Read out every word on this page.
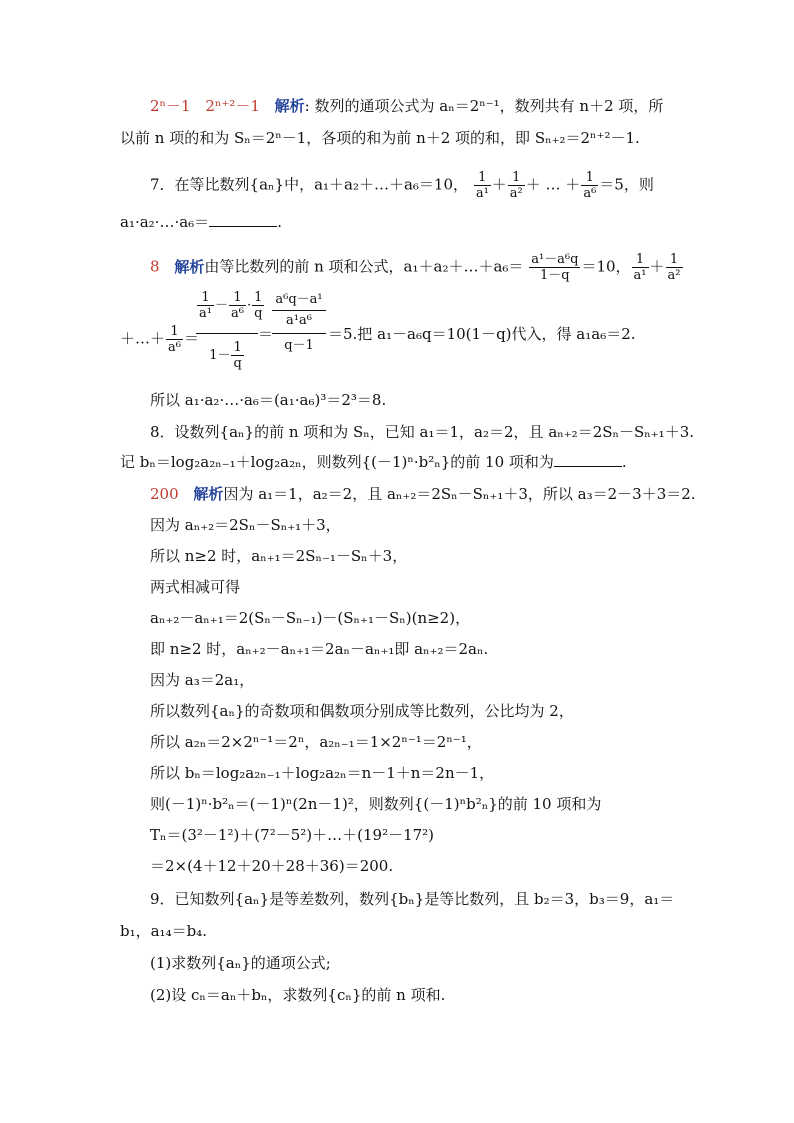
2ⁿ－1 2ⁿ⁺²－1 解析: 数列的通项公式为 aₙ＝2ⁿ⁻¹，数列共有 n＋2 项，所
以前 n 项的和为 Sₙ＝2ⁿ－1，各项的和为前 n＋2 项的和，即 Sₙ₊₂＝2ⁿ⁺²－1.
7．在等比数列{aₙ}中，a₁＋a₂＋…＋a₆＝10， $\frac{1}{\text{a¹}} + \frac{1}{\text{a²}}$ ＋ … ＋ $\frac{1}{\text{a⁶}} =5$，则
a₁·a₂·…·a₆＝	.
8 解析由等比数列的前 n 项和公式，a₁＋a₂＋…＋a₆＝ $\frac{\text{a¹－a⁶q}}{1-q} =10$， $\frac{1}{\text{a¹}} + \frac{1}{\text{a²}}$
＋…＋ $\frac{1}{\text{a⁶}}$ ＝
$\frac{1}{\text{a¹}} - \frac{1}{\text{a⁶}} \cdot \frac{1}{q}$
$1- \frac{1}{q}$
＝
a⁶q－a¹
a¹a⁶
q－1
＝5.把 a₁－a₆q＝10(1－q)代入，得 a₁a₆＝2.
所以 a₁·a₂·…·a₆＝(a₁·a₆)³＝2³＝8.
8．设数列{aₙ}的前 n 项和为 Sₙ，已知 a₁＝1，a₂＝2，且 aₙ₊₂＝2Sₙ－Sₙ₊₁＋3.
记 bₙ＝log₂a₂ₙ₋₁＋log₂a₂ₙ，则数列{(－1)ⁿ·b²ₙ}的前 10 项和为	.
200 解析因为 a₁＝1，a₂＝2，且 aₙ₊₂＝2Sₙ－Sₙ₊₁＋3，所以 a₃＝2－3＋3＝2.
因为 aₙ₊₂＝2Sₙ－Sₙ₊₁＋3，
所以 n≥2 时，aₙ₊₁＝2Sₙ₋₁－Sₙ＋3，
两式相减可得
aₙ₊₂－aₙ₊₁＝2(Sₙ－Sₙ₋₁)－(Sₙ₊₁－Sₙ)(n≥2)，
即 n≥2 时，aₙ₊₂－aₙ₊₁＝2aₙ－aₙ₊₁即 aₙ₊₂＝2aₙ.
因为 a₃＝2a₁，
所以数列{aₙ}的奇数项和偶数项分别成等比数列，公比均为 2，
所以 a₂ₙ＝2×2ⁿ⁻¹＝2ⁿ，a₂ₙ₋₁＝1×2ⁿ⁻¹＝2ⁿ⁻¹，
所以 bₙ＝log₂a₂ₙ₋₁＋log₂a₂ₙ＝n－1＋n＝2n－1，
则(－1)ⁿ·b²ₙ＝(－1)ⁿ(2n－1)²，则数列{(－1)ⁿb²ₙ}的前 10 项和为
Tₙ＝(3²－1²)＋(7²－5²)＋…＋(19²－17²)
＝2×(4＋12＋20＋28＋36)＝200.
9．已知数列{aₙ}是等差数列，数列{bₙ}是等比数列，且 b₂＝3，b₃＝9，a₁＝
b₁，a₁₄＝b₄.
(1)求数列{aₙ}的通项公式;
(2)设 cₙ＝aₙ＋bₙ，求数列{cₙ}的前 n 项和.
